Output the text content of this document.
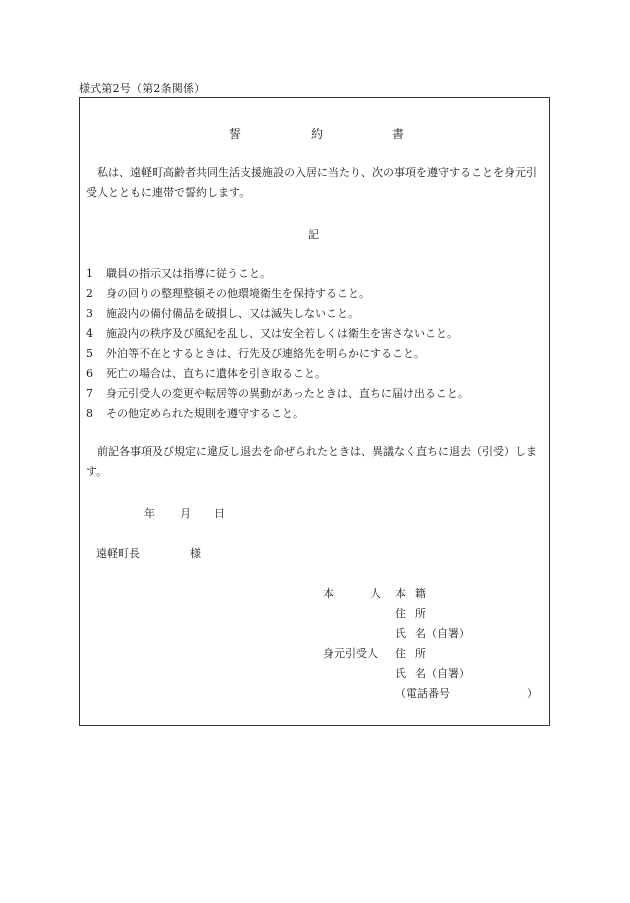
様式第2号（第2条関係）
誓	約	書
私は、遠軽町高齢者共同生活支援施設の入居に当たり、次の事項を遵守することを身元引受人とともに連帯で誓約します。
記
1 職員の指示又は指導に従うこと。
2 身の回りの整理整頓その他環境衛生を保持すること。
3 施設内の備付備品を破損し、又は滅失しないこと。
4 施設内の秩序及び風紀を乱し、又は安全若しくは衛生を害さないこと。
5 外泊等不在とするときは、行先及び連絡先を明らかにすること。
6 死亡の場合は、直ちに遺体を引き取ること。
7 身元引受人の変更や転居等の異動があったときは、直ちに届け出ること。
8 その他定められた規則を遵守すること。
前記各事項及び規定に違反し退去を命ぜられたときは、異議なく直ちに退去（引受）します。
年 月 日
遠軽町長	様
本	人 本 籍
住 所
氏 名（自署）
身元引受人 住 所
氏 名（自署）
（電話番号	）
